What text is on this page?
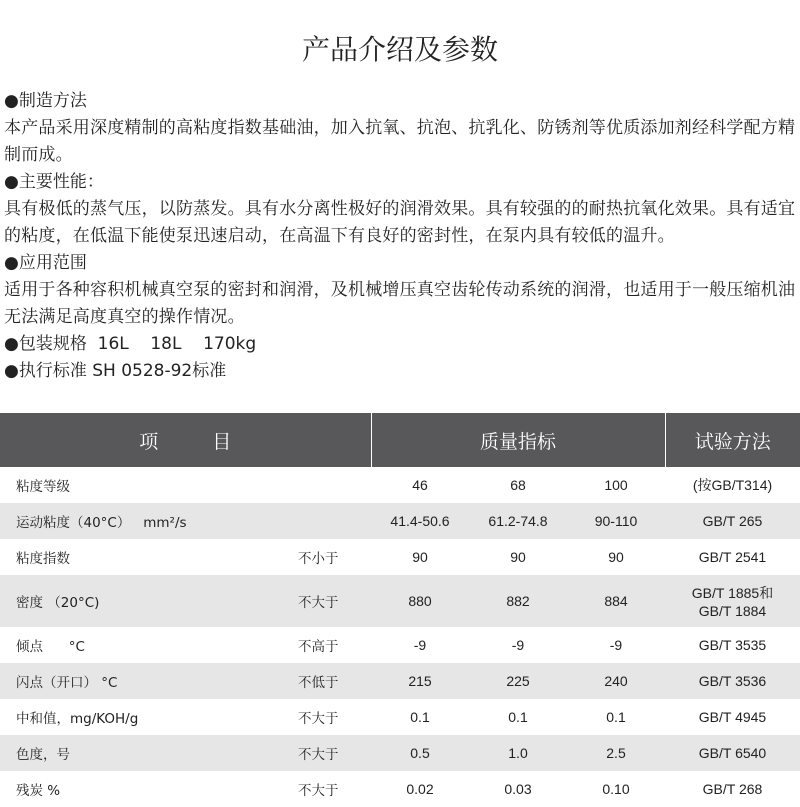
产品介绍及参数

●制造方法

本产品采用深度精制的高粘度指数基础油，加入抗氧、抗泡、抗乳化、防锈剂等优质添加剂经科学配方精制而成。

●主要性能：

具有极低的蒸气压，以防蒸发。具有水分离性极好的润滑效果。具有较强的的耐热抗氧化效果。具有适宜的粘度，在低温下能使泵迅速启动，在高温下有良好的密封性，在泵内具有较低的温升。

●应用范围

适用于各种容积机械真空泵的密封和润滑，及机械增压真空齿轮传动系统的润滑，也适用于一般压缩机油无法满足高度真空的操作情况。

●包装规格  16L    18L    170kg

●执行标准 SH 0528-92标准

项 目		质量指标			试验方法
粘度等级		46	68	100	(按GB/T314)
运动粘度（40°C）   mm²/s		41.4-50.6	61.2-74.8	90-110	GB/T 265
粘度指数	不小于	90	90	90	GB/T 2541
密度 （20°C)	不大于	880	882	884	GB/T 1885和
GB/T 1884
倾点      °C	不高于	-9	-9	-9	GB/T 3535
闪点（开口） °C	不低于	215	225	240	GB/T 3536
中和值，mg/KOH/g	不大于	0.1	0.1	0.1	GB/T 4945
色度，号	不大于	0.5	1.0	2.5	GB/T 6540
残炭 %	不大于	0.02	0.03	0.10	GB/T 268
